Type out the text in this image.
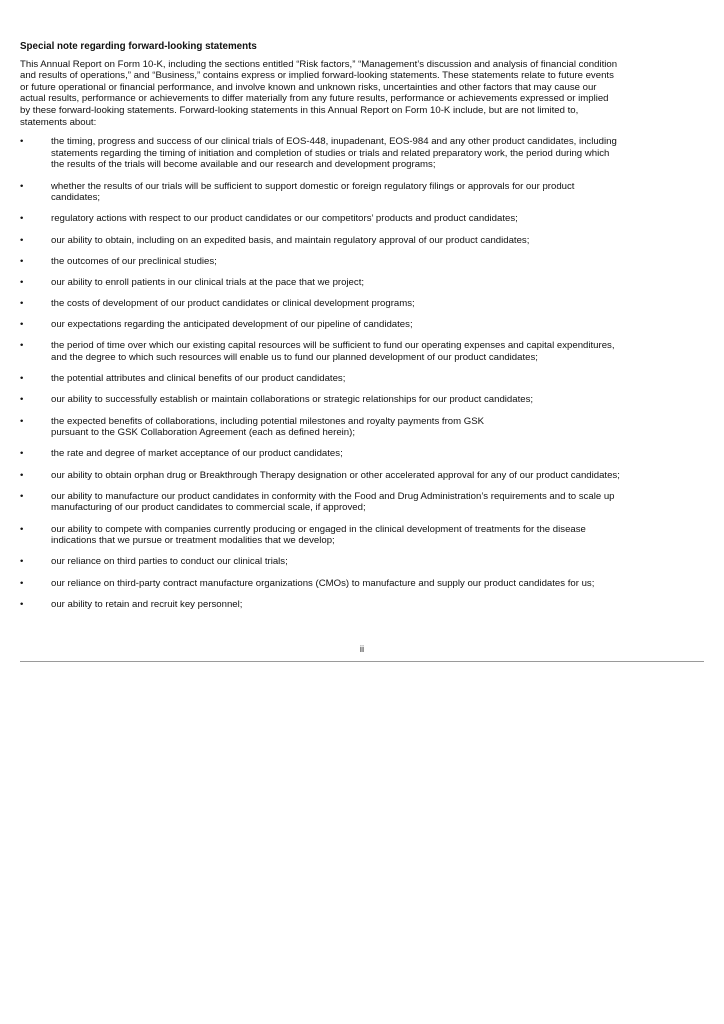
Special note regarding forward-looking statements
This Annual Report on Form 10-K, including the sections entitled “Risk factors,” “Management’s discussion and analysis of financial condition
and results of operations,” and “Business,” contains express or implied forward-looking statements. These statements relate to future events
or future operational or financial performance, and involve known and unknown risks, uncertainties and other factors that may cause our
actual results, performance or achievements to differ materially from any future results, performance or achievements expressed or implied
by these forward-looking statements. Forward-looking statements in this Annual Report on Form 10-K include, but are not limited to,
statements about:
•	the timing, progress and success of our clinical trials of EOS-448, inupadenant, EOS-984 and any other product candidates, including
statements regarding the timing of initiation and completion of studies or trials and related preparatory work, the period during which
the results of the trials will become available and our research and development programs;
•	whether the results of our trials will be sufficient to support domestic or foreign regulatory filings or approvals for our product
candidates;
•	regulatory actions with respect to our product candidates or our competitors’ products and product candidates;
•	our ability to obtain, including on an expedited basis, and maintain regulatory approval of our product candidates;
•	the outcomes of our preclinical studies;
•	our ability to enroll patients in our clinical trials at the pace that we project;
•	the costs of development of our product candidates or clinical development programs;
•	our expectations regarding the anticipated development of our pipeline of candidates;
•	the period of time over which our existing capital resources will be sufficient to fund our operating expenses and capital expenditures,
and the degree to which such resources will enable us to fund our planned development of our product candidates;
•	the potential attributes and clinical benefits of our product candidates;
•	our ability to successfully establish or maintain collaborations or strategic relationships for our product candidates;
•	the expected benefits of collaborations, including potential milestones and royalty payments from GSK
pursuant to the GSK Collaboration Agreement (each as defined herein);
•	the rate and degree of market acceptance of our product candidates;
•	our ability to obtain orphan drug or Breakthrough Therapy designation or other accelerated approval for any of our product candidates;
•	our ability to manufacture our product candidates in conformity with the Food and Drug Administration’s requirements and to scale up
manufacturing of our product candidates to commercial scale, if approved;
•	our ability to compete with companies currently producing or engaged in the clinical development of treatments for the disease
indications that we pursue or treatment modalities that we develop;
•	our reliance on third parties to conduct our clinical trials;
•	our reliance on third-party contract manufacture organizations (CMOs) to manufacture and supply our product candidates for us;
•	our ability to retain and recruit key personnel;
ii
